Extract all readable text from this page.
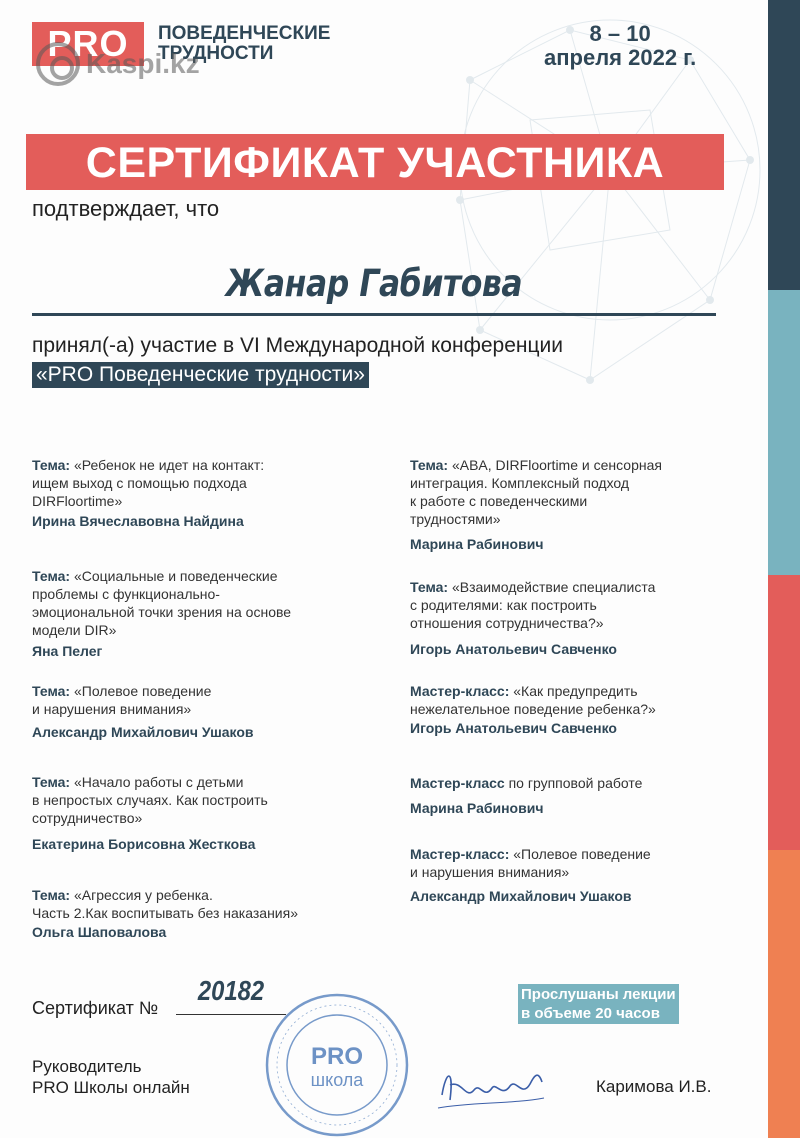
PRO	ПОВЕДЕНЧЕСКИЕ ТРУДНОСТИ
Kaspi.kz
8 – 10
апреля 2022 г.
СЕРТИФИКАТ УЧАСТНИКА
подтверждает, что
Жанар Габитова
принял(-а) участие в VI Международной конференции
«PRO Поведенческие трудности»
Тема: «Ребенок не идет на контакт:
ищем выход с помощью подхода
DIRFloortime»
Ирина Вячеславовна Найдина
Тема: «Социальные и поведенческие
проблемы с функционально-
эмоциональной точки зрения на основе
модели DIR»
Яна Пелег
Тема: «Полевое поведение
и нарушения внимания»
Александр Михайлович Ушаков
Тема: «Начало работы с детьми
в непростых случаях. Как построить
сотрудничество»
Екатерина Борисовна Жесткова
Тема: «Агрессия у ребенка.
Часть 2.Как воспитывать без наказания»
Ольга Шаповалова
Тема: «ABA, DIRFloortime и сенсорная
интеграция. Комплексный подход
к работе с поведенческими
трудностями»
Марина Рабинович
Тема: «Взаимодействие специалиста
с родителями: как построить
отношения сотрудничества?»
Игорь Анатольевич Савченко
Мастер-класс: «Как предупредить
нежелательное поведение ребенка?»
Игорь Анатольевич Савченко
Мастер-класс по групповой работе
Марина Рабинович
Мастер-класс: «Полевое поведение
и нарушения внимания»
Александр Михайлович Ушаков
Сертификат №
20182	Прослушаны лекции
в объеме 20 часов
Руководитель
PRO Школы онлайн
PRO
школа	Каримова И.В.
